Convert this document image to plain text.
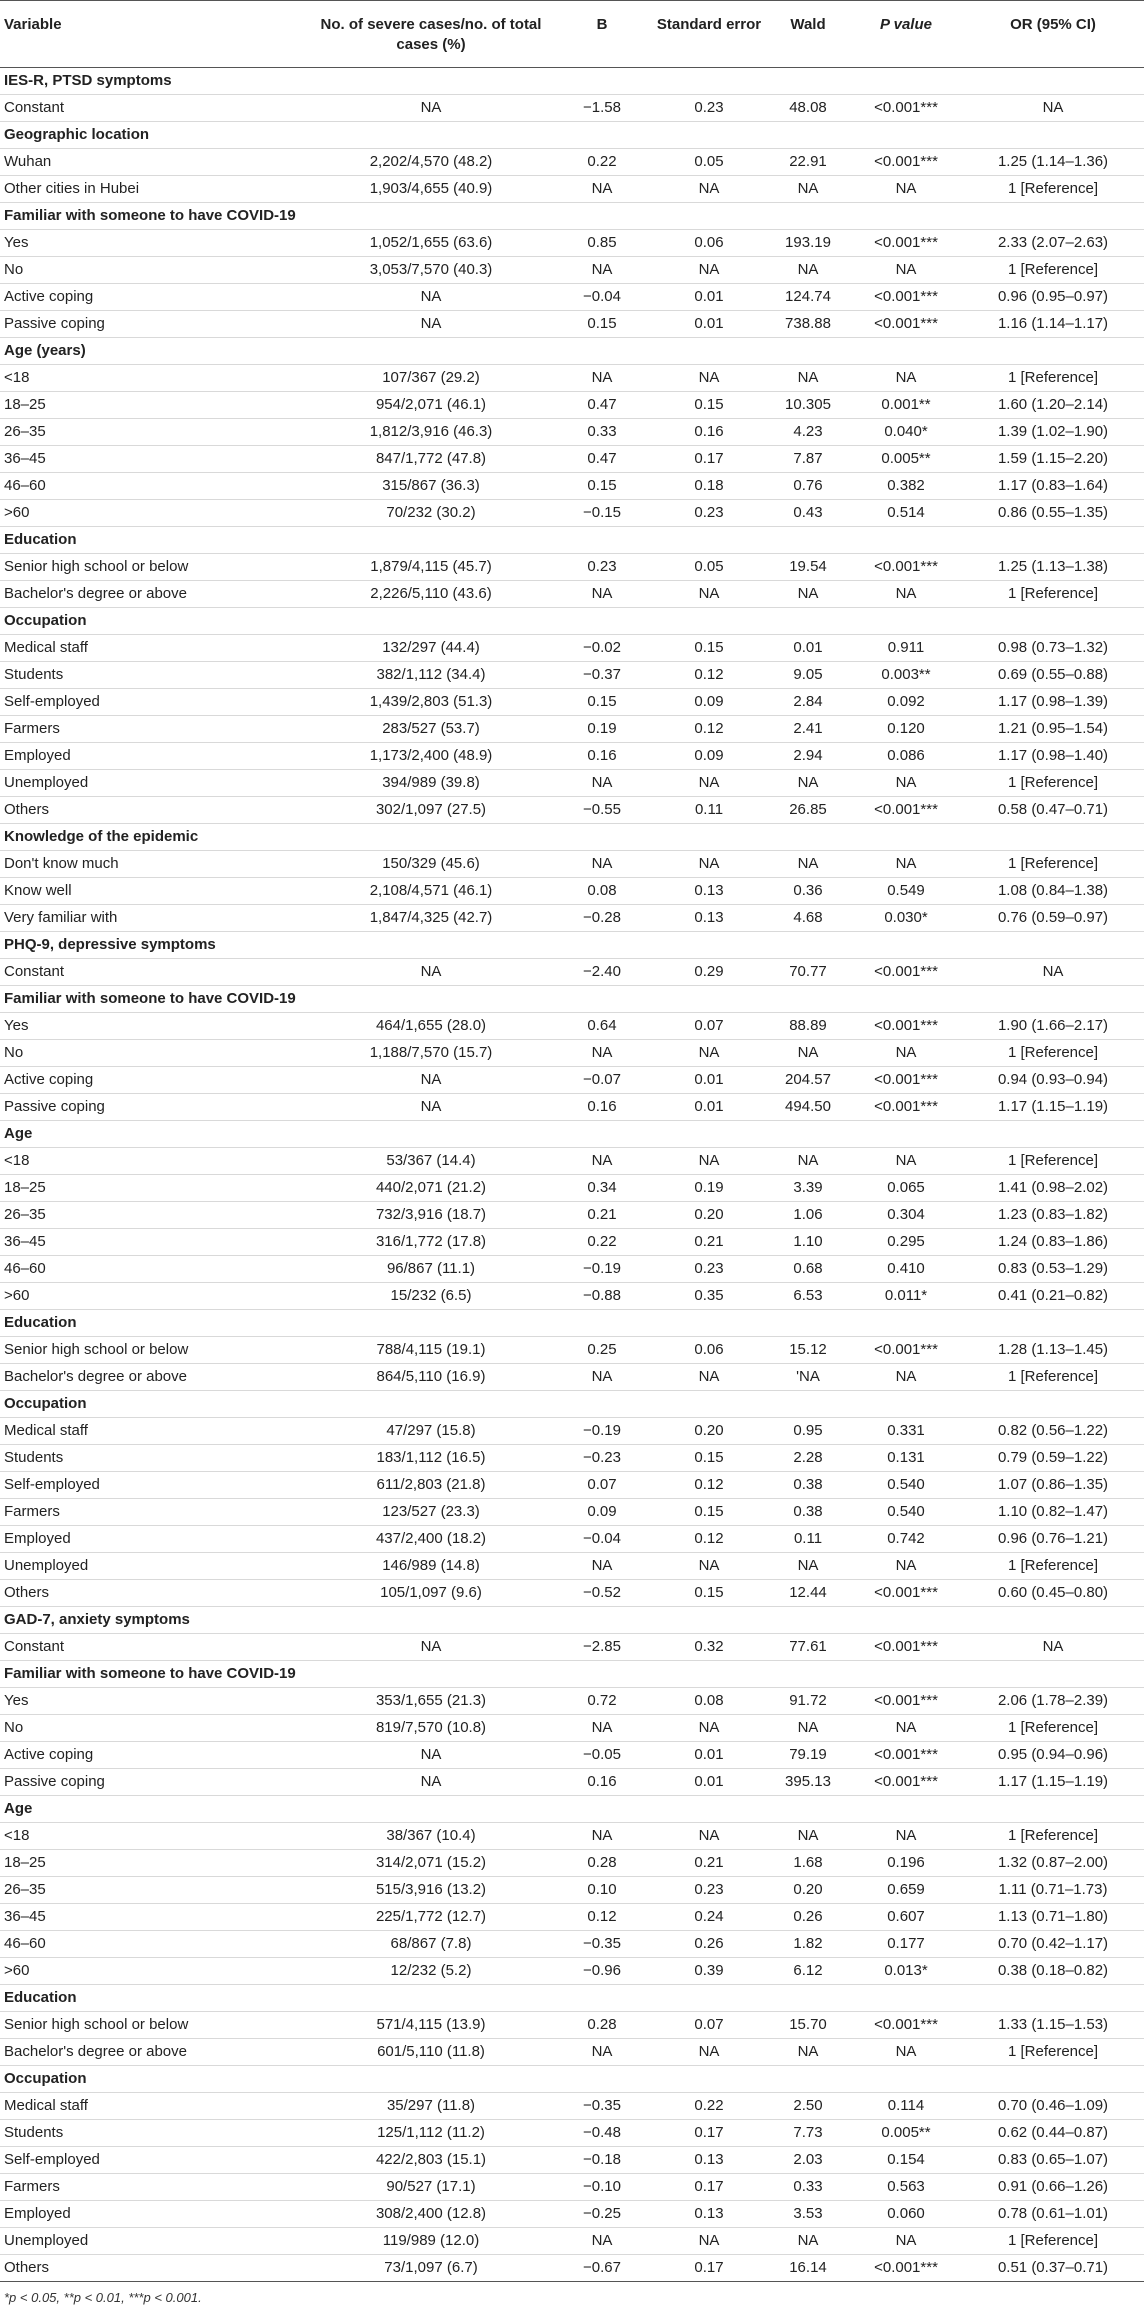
Variable	No. of severe cases/no. of total cases (%)	B	Standard error	Wald	P value	OR (95% CI)
IES-R, PTSD symptoms						
Constant	NA	−1.58	0.23	48.08	<0.001***	NA
Geographic location						
Wuhan	2,202/4,570 (48.2)	0.22	0.05	22.91	<0.001***	1.25 (1.14–1.36)
Other cities in Hubei	1,903/4,655 (40.9)	NA	NA	NA	NA	1 [Reference]
Familiar with someone to have COVID-19						
Yes	1,052/1,655 (63.6)	0.85	0.06	193.19	<0.001***	2.33 (2.07–2.63)
No	3,053/7,570 (40.3)	NA	NA	NA	NA	1 [Reference]
Active coping	NA	−0.04	0.01	124.74	<0.001***	0.96 (0.95–0.97)
Passive coping	NA	0.15	0.01	738.88	<0.001***	1.16 (1.14–1.17)
Age (years)						
<18	107/367 (29.2)	NA	NA	NA	NA	1 [Reference]
18–25	954/2,071 (46.1)	0.47	0.15	10.305	0.001**	1.60 (1.20–2.14)
26–35	1,812/3,916 (46.3)	0.33	0.16	4.23	0.040*	1.39 (1.02–1.90)
36–45	847/1,772 (47.8)	0.47	0.17	7.87	0.005**	1.59 (1.15–2.20)
46–60	315/867 (36.3)	0.15	0.18	0.76	0.382	1.17 (0.83–1.64)
>60	70/232 (30.2)	−0.15	0.23	0.43	0.514	0.86 (0.55–1.35)
Education						
Senior high school or below	1,879/4,115 (45.7)	0.23	0.05	19.54	<0.001***	1.25 (1.13–1.38)
Bachelor's degree or above	2,226/5,110 (43.6)	NA	NA	NA	NA	1 [Reference]
Occupation						
Medical staff	132/297 (44.4)	−0.02	0.15	0.01	0.911	0.98 (0.73–1.32)
Students	382/1,112 (34.4)	−0.37	0.12	9.05	0.003**	0.69 (0.55–0.88)
Self-employed	1,439/2,803 (51.3)	0.15	0.09	2.84	0.092	1.17 (0.98–1.39)
Farmers	283/527 (53.7)	0.19	0.12	2.41	0.120	1.21 (0.95–1.54)
Employed	1,173/2,400 (48.9)	0.16	0.09	2.94	0.086	1.17 (0.98–1.40)
Unemployed	394/989 (39.8)	NA	NA	NA	NA	1 [Reference]
Others	302/1,097 (27.5)	−0.55	0.11	26.85	<0.001***	0.58 (0.47–0.71)
Knowledge of the epidemic						
Don't know much	150/329 (45.6)	NA	NA	NA	NA	1 [Reference]
Know well	2,108/4,571 (46.1)	0.08	0.13	0.36	0.549	1.08 (0.84–1.38)
Very familiar with	1,847/4,325 (42.7)	−0.28	0.13	4.68	0.030*	0.76 (0.59–0.97)
PHQ-9, depressive symptoms						
Constant	NA	−2.40	0.29	70.77	<0.001***	NA
Familiar with someone to have COVID-19						
Yes	464/1,655 (28.0)	0.64	0.07	88.89	<0.001***	1.90 (1.66–2.17)
No	1,188/7,570 (15.7)	NA	NA	NA	NA	1 [Reference]
Active coping	NA	−0.07	0.01	204.57	<0.001***	0.94 (0.93–0.94)
Passive coping	NA	0.16	0.01	494.50	<0.001***	1.17 (1.15–1.19)
Age						
<18	53/367 (14.4)	NA	NA	NA	NA	1 [Reference]
18–25	440/2,071 (21.2)	0.34	0.19	3.39	0.065	1.41 (0.98–2.02)
26–35	732/3,916 (18.7)	0.21	0.20	1.06	0.304	1.23 (0.83–1.82)
36–45	316/1,772 (17.8)	0.22	0.21	1.10	0.295	1.24 (0.83–1.86)
46–60	96/867 (11.1)	−0.19	0.23	0.68	0.410	0.83 (0.53–1.29)
>60	15/232 (6.5)	−0.88	0.35	6.53	0.011*	0.41 (0.21–0.82)
Education						
Senior high school or below	788/4,115 (19.1)	0.25	0.06	15.12	<0.001***	1.28 (1.13–1.45)
Bachelor's degree or above	864/5,110 (16.9)	NA	NA	'NA	NA	1 [Reference]
Occupation						
Medical staff	47/297 (15.8)	−0.19	0.20	0.95	0.331	0.82 (0.56–1.22)
Students	183/1,112 (16.5)	−0.23	0.15	2.28	0.131	0.79 (0.59–1.22)
Self-employed	611/2,803 (21.8)	0.07	0.12	0.38	0.540	1.07 (0.86–1.35)
Farmers	123/527 (23.3)	0.09	0.15	0.38	0.540	1.10 (0.82–1.47)
Employed	437/2,400 (18.2)	−0.04	0.12	0.11	0.742	0.96 (0.76–1.21)
Unemployed	146/989 (14.8)	NA	NA	NA	NA	1 [Reference]
Others	105/1,097 (9.6)	−0.52	0.15	12.44	<0.001***	0.60 (0.45–0.80)
GAD-7, anxiety symptoms						
Constant	NA	−2.85	0.32	77.61	<0.001***	NA
Familiar with someone to have COVID-19						
Yes	353/1,655 (21.3)	0.72	0.08	91.72	<0.001***	2.06 (1.78–2.39)
No	819/7,570 (10.8)	NA	NA	NA	NA	1 [Reference]
Active coping	NA	−0.05	0.01	79.19	<0.001***	0.95 (0.94–0.96)
Passive coping	NA	0.16	0.01	395.13	<0.001***	1.17 (1.15–1.19)
Age						
<18	38/367 (10.4)	NA	NA	NA	NA	1 [Reference]
18–25	314/2,071 (15.2)	0.28	0.21	1.68	0.196	1.32 (0.87–2.00)
26–35	515/3,916 (13.2)	0.10	0.23	0.20	0.659	1.11 (0.71–1.73)
36–45	225/1,772 (12.7)	0.12	0.24	0.26	0.607	1.13 (0.71–1.80)
46–60	68/867 (7.8)	−0.35	0.26	1.82	0.177	0.70 (0.42–1.17)
>60	12/232 (5.2)	−0.96	0.39	6.12	0.013*	0.38 (0.18–0.82)
Education						
Senior high school or below	571/4,115 (13.9)	0.28	0.07	15.70	<0.001***	1.33 (1.15–1.53)
Bachelor's degree or above	601/5,110 (11.8)	NA	NA	NA	NA	1 [Reference]
Occupation						
Medical staff	35/297 (11.8)	−0.35	0.22	2.50	0.114	0.70 (0.46–1.09)
Students	125/1,112 (11.2)	−0.48	0.17	7.73	0.005**	0.62 (0.44–0.87)
Self-employed	422/2,803 (15.1)	−0.18	0.13	2.03	0.154	0.83 (0.65–1.07)
Farmers	90/527 (17.1)	−0.10	0.17	0.33	0.563	0.91 (0.66–1.26)
Employed	308/2,400 (12.8)	−0.25	0.13	3.53	0.060	0.78 (0.61–1.01)
Unemployed	119/989 (12.0)	NA	NA	NA	NA	1 [Reference]
Others	73/1,097 (6.7)	−0.67	0.17	16.14	<0.001***	0.51 (0.37–0.71)
*p < 0.05, **p < 0.01, ***p < 0.001.
